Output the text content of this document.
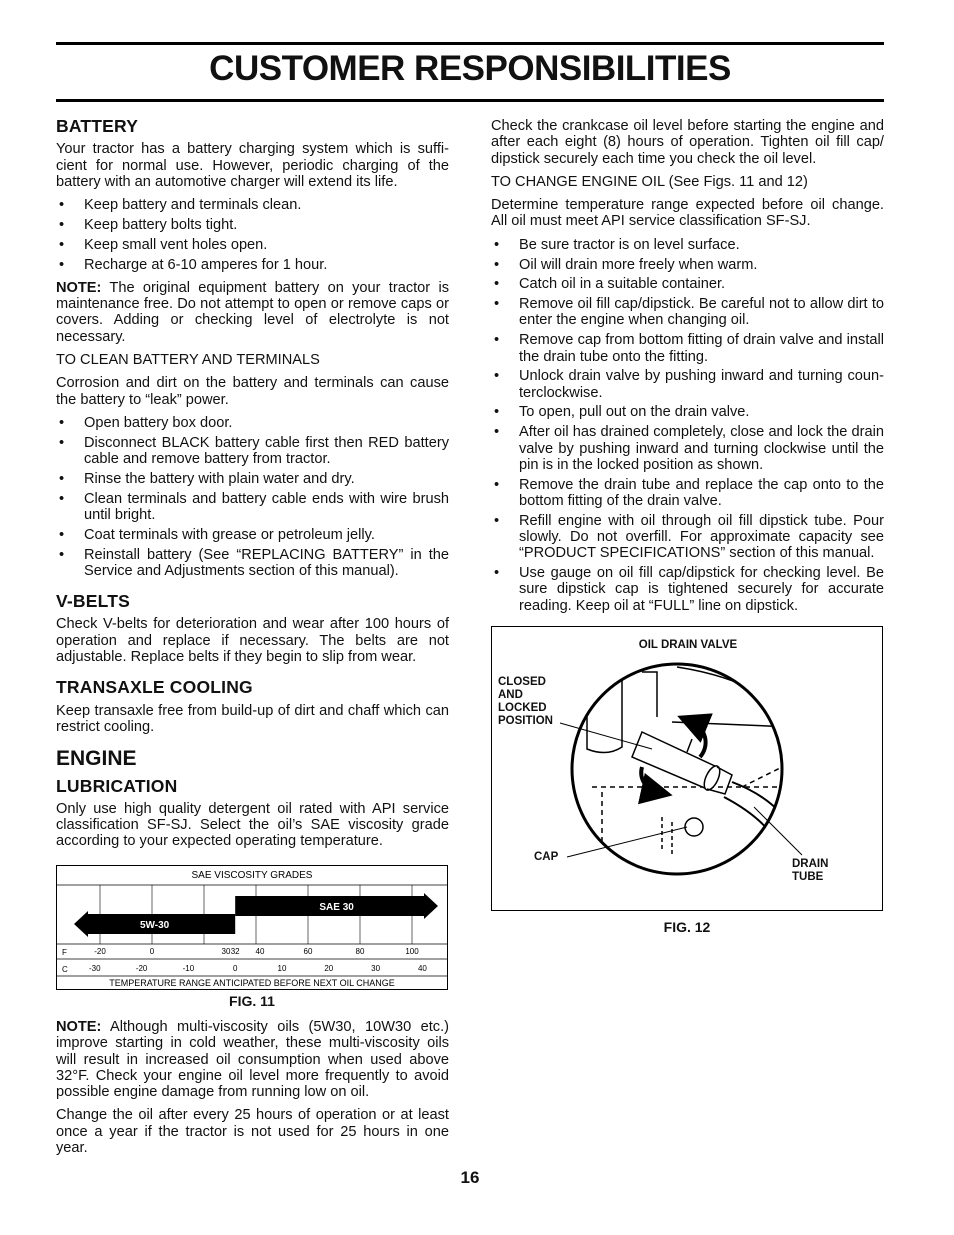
CUSTOMER RESPONSIBILITIES
BATTERY

Your tractor has a battery charging system which is suffi-cient for normal use. However, periodic charging of the battery with an automotive charger will extend its life.

• Keep battery and terminals clean.
• Keep battery bolts tight.
• Keep small vent holes open.
• Recharge at 6-10 amperes for 1 hour.

NOTE: The original equipment battery on your tractor is maintenance free. Do not attempt to open or remove caps or covers. Adding or checking level of electrolyte is not necessary.

TO CLEAN BATTERY AND TERMINALS

Corrosion and dirt on the battery and terminals can cause the battery to “leak” power.

• Open battery box door.
• Disconnect BLACK battery cable first then RED battery cable and remove battery from tractor.
• Rinse the battery with plain water and dry.
• Clean terminals and battery cable ends with wire brush until bright.
• Coat terminals with grease or petroleum jelly.
• Reinstall battery (See “REPLACING BATTERY” in the Service and Adjustments section of this manual).
V-BELTS

Check V-belts for deterioration and wear after 100 hours of operation and replace if necessary. The belts are not adjustable. Replace belts if they begin to slip from wear.

TRANSAXLE COOLING

Keep transaxle free from build-up of dirt and chaff which can restrict cooling.

ENGINE
LUBRICATION

Only use high quality detergent oil rated with API service classification SF-SJ. Select the oil’s SAE viscosity grade according to your expected operating temperature.

SAE VISCOSITY GRADES
5W-30
SAE 30
F	-20	0	30 32 40	60	80	100
C	-30	-20	-10	0	10	20	30	40
TEMPERATURE RANGE ANTICIPATED BEFORE NEXT OIL CHANGE
FIG. 11

NOTE: Although multi-viscosity oils (5W30, 10W30 etc.) improve starting in cold weather, these multi-viscosity oils will result in increased oil consumption when used above 32°F. Check your engine oil level more frequently to avoid possible engine damage from running low on oil.

Change the oil after every 25 hours of operation or at least once a year if the tractor is not used for 25 hours in one year.

Check the crankcase oil level before starting the engine and after each eight (8) hours of operation. Tighten oil fill cap/ dipstick securely each time you check the oil level.

TO CHANGE ENGINE OIL (See Figs. 11 and 12)

Determine temperature range expected before oil change. All oil must meet API service classification SF-SJ.

• Be sure tractor is on level surface.
• Oil will drain more freely when warm.
• Catch oil in a suitable container.
• Remove oil fill cap/dipstick. Be careful not to allow dirt to enter the engine when changing oil.
• Remove cap from bottom fitting of drain valve and install the drain tube onto the fitting.
• Unlock drain valve by pushing inward and turning coun-terclockwise.
• To open, pull out on the drain valve.
• After oil has drained completely, close and lock the drain valve by pushing inward and turning clockwise until the pin is in the locked position as shown.
• Remove the drain tube and replace the cap onto to the bottom fitting of the drain valve.
• Refill engine with oil through oil fill dipstick tube. Pour slowly. Do not overfill. For approximate capacity see “PRODUCT SPECIFICATIONS” section of this manual.
• Use gauge on oil fill cap/dipstick for checking level. Be sure dipstick cap is tightened securely for accurate reading. Keep oil at “FULL” line on dipstick.
OIL DRAIN VALVE
CLOSED
AND
LOCKED
POSITION
CAP
DRAIN
TUBE
FIG. 12
16
